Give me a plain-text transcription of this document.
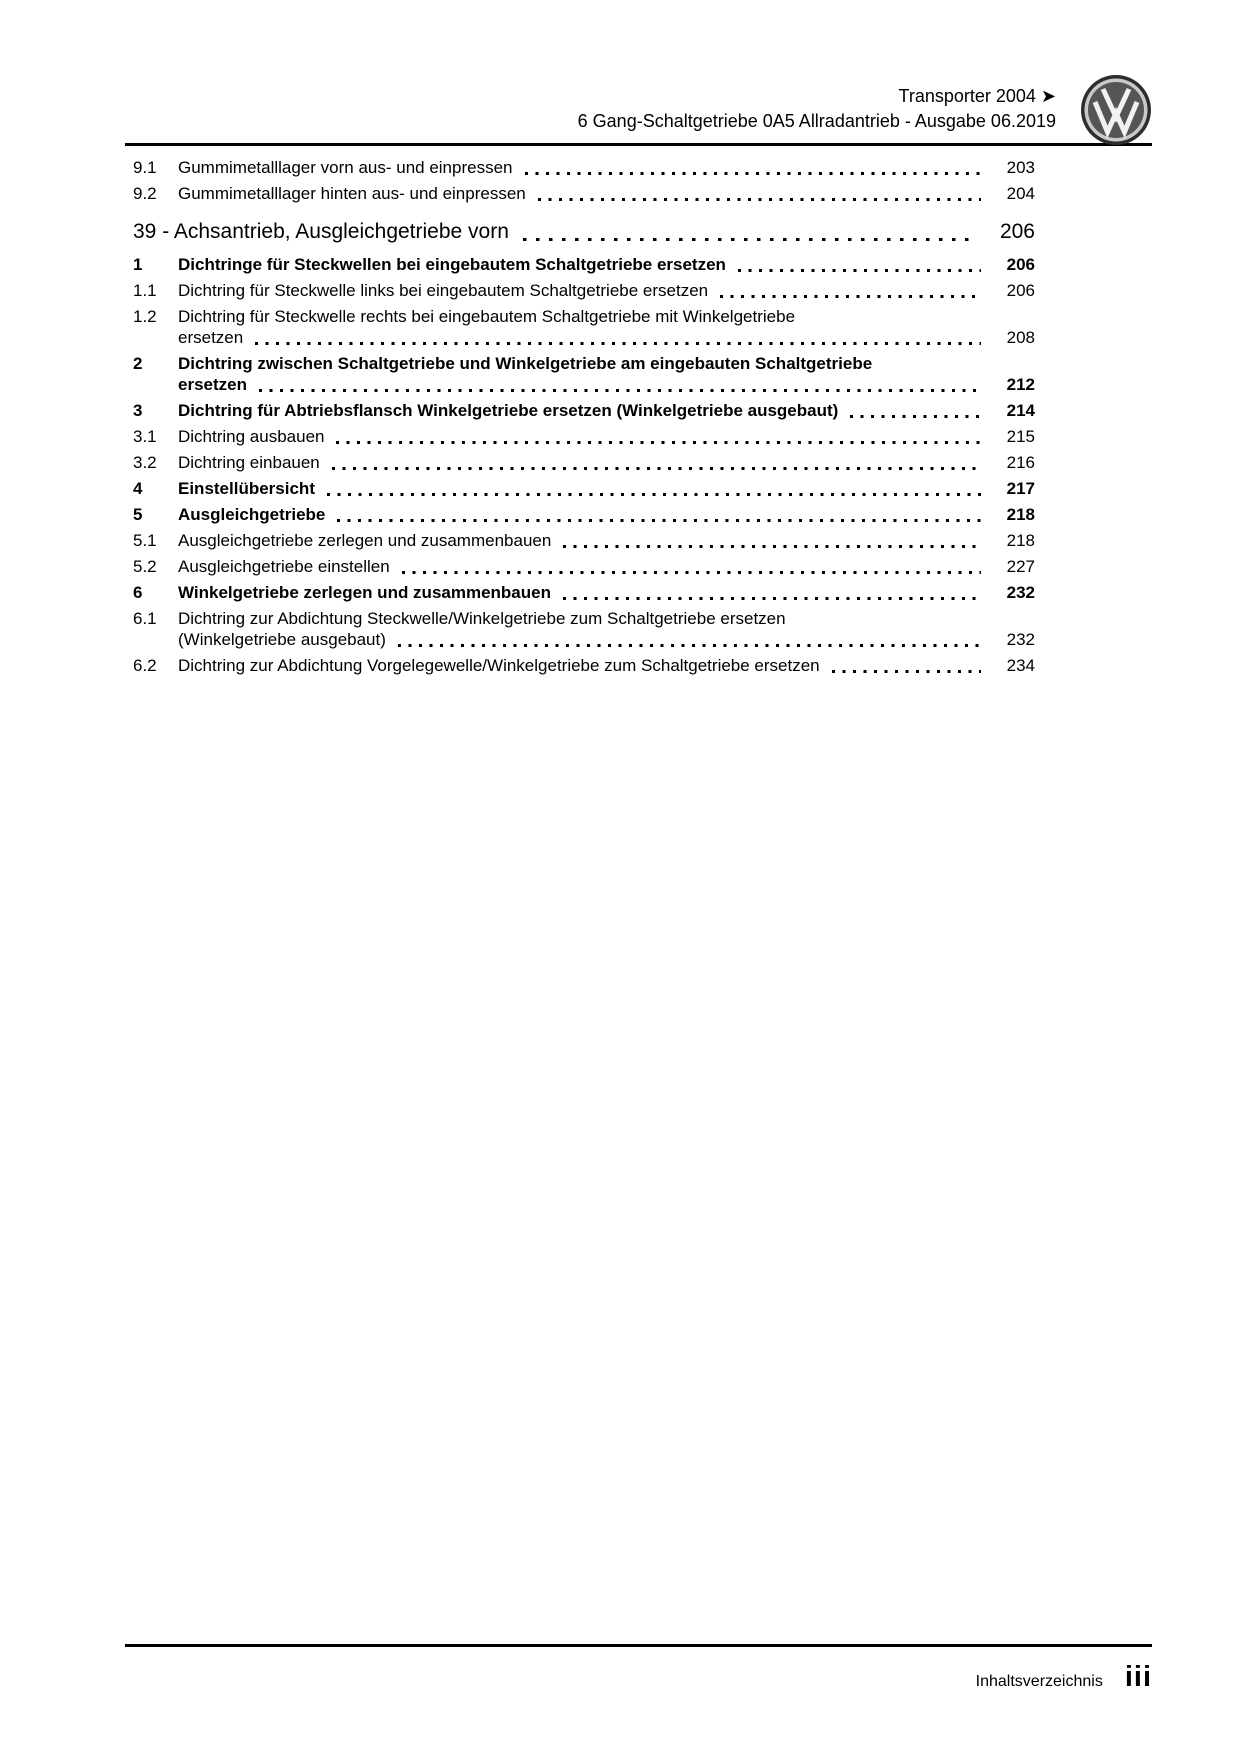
Transporter 2004 ➤
6 Gang-Schaltgetriebe 0A5 Allradantrieb - Ausgabe 06.2019
9.1	Gummimetalllager vorn aus- und einpressen	203
9.2	Gummimetalllager hinten aus- und einpressen	204
39 - Achsantrieb, Ausgleichgetriebe vorn	206
1	Dichtringe für Steckwellen bei eingebautem Schaltgetriebe ersetzen	206
1.1	Dichtring für Steckwelle links bei eingebautem Schaltgetriebe ersetzen	206
1.2	Dichtring für Steckwelle rechts bei eingebautem Schaltgetriebe mit Winkelgetriebe
ersetzen	208
2	Dichtring zwischen Schaltgetriebe und Winkelgetriebe am eingebauten Schaltgetriebe
ersetzen	212
3	Dichtring für Abtriebsflansch Winkelgetriebe ersetzen (Winkelgetriebe ausgebaut)	214
3.1	Dichtring ausbauen	215
3.2	Dichtring einbauen	216
4	Einstellübersicht	217
5	Ausgleichgetriebe	218
5.1	Ausgleichgetriebe zerlegen und zusammenbauen	218
5.2	Ausgleichgetriebe einstellen	227
6	Winkelgetriebe zerlegen und zusammenbauen	232
6.1	Dichtring zur Abdichtung Steckwelle/Winkelgetriebe zum Schaltgetriebe ersetzen
(Winkelgetriebe ausgebaut)	232
6.2	Dichtring zur Abdichtung Vorgelegewelle/Winkelgetriebe zum Schaltgetriebe ersetzen	234
Inhaltsverzeichnis iii
